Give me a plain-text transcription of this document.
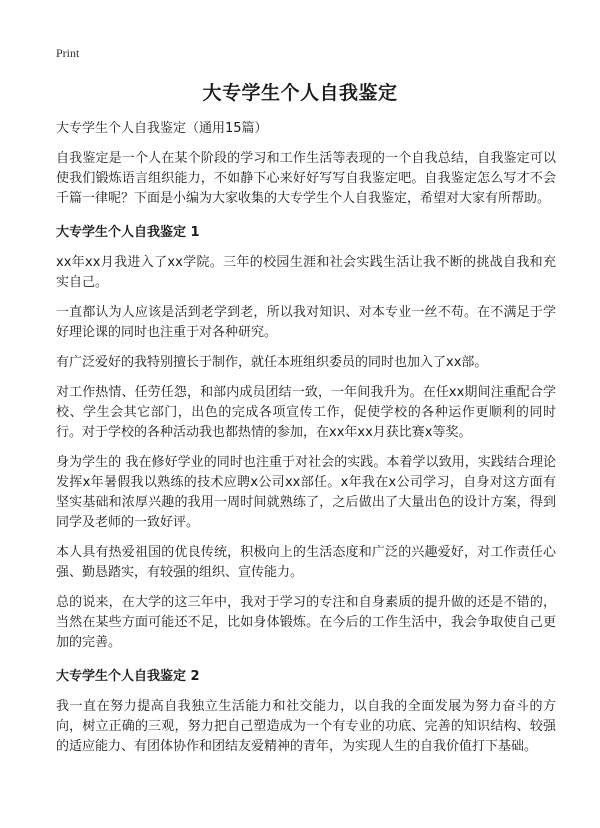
Print
大专学生个人自我鉴定
大专学生个人自我鉴定（通用15篇）

自我鉴定是一个人在某个阶段的学习和工作生活等表现的一个自我总结，自我鉴定可以使我们锻炼语言组织能力，不如静下心来好好写写自我鉴定吧。自我鉴定怎么写才不会千篇一律呢？下面是小编为大家收集的大专学生个人自我鉴定，希望对大家有所帮助。

大专学生个人自我鉴定 1

xx年xx月我进入了xx学院。三年的校园生涯和社会实践生活让我不断的挑战自我和充实自己。

一直都认为人应该是活到老学到老，所以我对知识、对本专业一丝不苟。在不满足于学好理论课的同时也注重于对各种研究。

有广泛爱好的我特别擅长于制作，就任本班组织委员的同时也加入了xx部。

对工作热情、任劳任怨，和部内成员团结一致，一年间我升为。在任xx期间注重配合学校、学生会其它部门，出色的完成各项宣传工作，促使学校的各种运作更顺利的同时行。对于学校的各种活动我也都热情的参加，在xx年xx月获比赛x等奖。

身为学生的 我在修好学业的同时也注重于对社会的实践。本着学以致用，实践结合理论发挥x年暑假我以熟练的技术应聘x公司xx部任。x年我在x公司学习，自身对这方面有坚实基础和浓厚兴趣的我用一周时间就熟练了，之后做出了大量出色的设计方案，得到同学及老师的一致好评。

本人具有热爱祖国的优良传统，积极向上的生活态度和广泛的兴趣爱好，对工作责任心强、勤恳踏实，有较强的组织、宣传能力。

总的说来，在大学的这三年中，我对于学习的专注和自身素质的提升做的还是不错的，当然在某些方面可能还不足，比如身体锻炼。在今后的工作生活中，我会争取使自己更加的完善。

大专学生个人自我鉴定 2

我一直在努力提高自我独立生活能力和社交能力，以自我的全面发展为努力奋斗的方向，树立正确的三观，努力把自己塑造成为一个有专业的功底、完善的知识结构、较强的适应能力、有团体协作和团结友爱精神的青年，为实现人生的自我价值打下基础。
